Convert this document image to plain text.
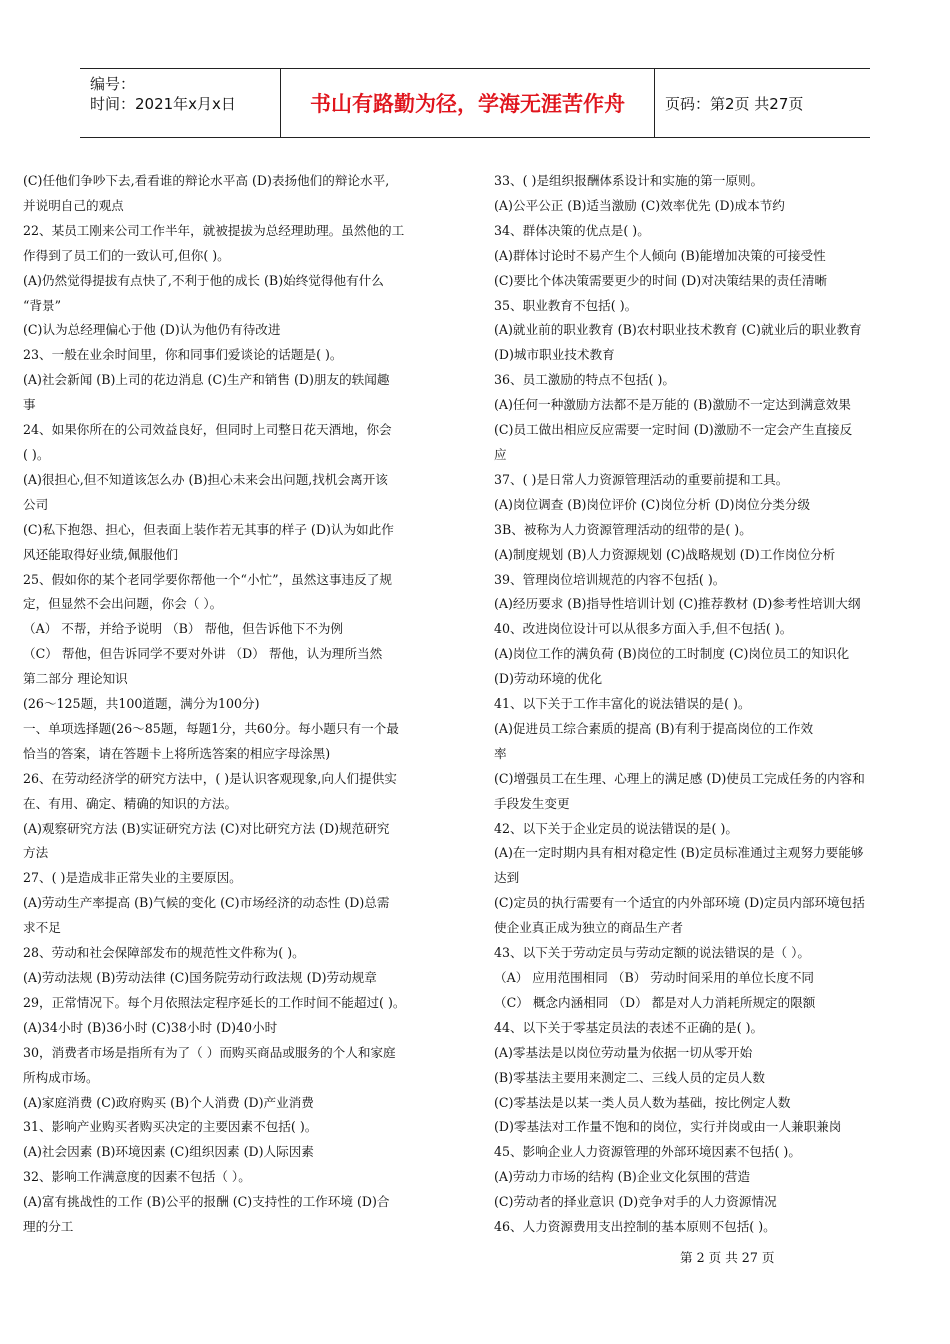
编号：
时间：2021年x月x日	书山有路勤为径，学海无涯苦作舟	页码：第2页 共27页

(C)任他们争吵下去,看看谁的辩论水平高 (D)表扬他们的辩论水平,

并说明自己的观点

22、某员工刚来公司工作半年，就被提拔为总经理助理。虽然他的工

作得到了员工们的一致认可,但你( )。

(A)仍然觉得提拔有点快了,不利于他的成长 (B)始终觉得他有什么

“背景”

(C)认为总经理偏心于他 (D)认为他仍有待改进

23、一般在业余时间里，你和同事们爱谈论的话题是( )。

(A)社会新闻 (B)上司的花边消息 (C)生产和销售 (D)朋友的轶闻趣

事

24、如果你所在的公司效益良好，但同时上司整日花天酒地，你会

( )。

(A)很担心,但不知道该怎么办 (B)担心未来会出问题,找机会离开该

公司

(C)私下抱怨、担心，但表面上装作若无其事的样子 (D)认为如此作

风还能取得好业绩,佩服他们

25、假如你的某个老同学要你帮他一个“小忙”，虽然这事违反了规

定，但显然不会出问题，你会（ ）。

（A） 不帮，并给予说明 （B） 帮他，但告诉他下不为例

（C） 帮他，但告诉同学不要对外讲 （D） 帮他，认为理所当然

第二部分 理论知识

(26～125题，共100道题，满分为100分)

一、单项选择题(26～85题，每题1分，共60分。每小题只有一个最

恰当的答案，请在答题卡上将所选答案的相应字母涂黑)

26、在劳动经济学的研究方法中，( )是认识客观现象,向人们提供实

在、有用、确定、精确的知识的方法。

(A)观察研究方法 (B)实证研究方法 (C)对比研究方法 (D)规范研究

方法

27、( )是造成非正常失业的主要原因。

(A)劳动生产率提高 (B)气候的变化 (C)市场经济的动态性 (D)总需

求不足

28、劳动和社会保障部发布的规范性文件称为( )。

(A)劳动法规 (B)劳动法律 (C)国务院劳动行政法规 (D)劳动规章

29，正常情况下。每个月依照法定程序延长的工作时间不能超过( )。

(A)34小时 (B)36小时 (C)38小时 (D)40小时

30，消费者市场是指所有为了（ ）而购买商品或服务的个人和家庭

所构成市场。

(A)家庭消费 (C)政府购买 (B)个人消费 (D)产业消费

31、影响产业购买者购买决定的主要因素不包括( )。

(A)社会因素 (B)环境因素 (C)组织因素 (D)人际因素

32、影响工作满意度的因素不包括（ ）。

(A)富有挑战性的工作 (B)公平的报酬 (C)支持性的工作环境 (D)合

理的分工

33、( )是组织报酬体系设计和实施的第一原则。

(A)公平公正 (B)适当激励 (C)效率优先 (D)成本节约

34、群体决策的优点是( )。

(A)群体讨论时不易产生个人倾向 (B)能增加决策的可接受性

(C)要比个体决策需要更少的时间 (D)对决策结果的责任清晰

35、职业教育不包括( )。

(A)就业前的职业教育 (B)农村职业技术教育 (C)就业后的职业教育

(D)城市职业技术教育

36、员工激励的特点不包括( )。

(A)任何一种激励方法都不是万能的 (B)激励不一定达到满意效果

(C)员工做出相应反应需要一定时间 (D)激励不一定会产生直接反

应

37、( )是日常人力资源管理活动的重要前提和工具。

(A)岗位调查 (B)岗位评价 (C)岗位分析 (D)岗位分类分级

3B、被称为人力资源管理活动的纽带的是( )。

(A)制度规划 (B)人力资源规划 (C)战略规划 (D)工作岗位分析

39、管理岗位培训规范的内容不包括( )。

(A)经历要求 (B)指导性培训计划 (C)推荐教材 (D)参考性培训大纲

40、改进岗位设计可以从很多方面入手,但不包括( )。

(A)岗位工作的满负荷 (B)岗位的工时制度 (C)岗位员工的知识化

(D)劳动环境的优化

41、以下关于工作丰富化的说法错误的是( )。

(A)促进员工综合素质的提高 (B)有利于提高岗位的工作效

率

(C)增强员工在生理、心理上的满足感 (D)使员工完成任务的内容和

手段发生变更

42、以下关于企业定员的说法错误的是( )。

(A)在一定时期内具有相对稳定性 (B)定员标准通过主观努力要能够

达到

(C)定员的执行需要有一个适宜的内外部环境 (D)定员内部环境包括

使企业真正成为独立的商品生产者

43、以下关于劳动定员与劳动定额的说法错误的是（ ）。

（A） 应用范围相同 （B） 劳动时间采用的单位长度不同

（C） 概念内涵相同 （D） 都是对人力消耗所规定的限额

44、以下关于零基定员法的表述不正确的是( )。

(A)零基法是以岗位劳动量为依据一切从零开始

(B)零基法主要用来测定二、三线人员的定员人数

(C)零基法是以某一类人员人数为基础，按比例定人数

(D)零基法对工作量不饱和的岗位，实行并岗或由一人兼职兼岗

45、影响企业人力资源管理的外部环境因素不包括( )。

(A)劳动力市场的结构 (B)企业文化氛围的营造

(C)劳动者的择业意识 (D)竞争对手的人力资源情况

46、人力资源费用支出控制的基本原则不包括( )。

第 2 页 共 27 页
